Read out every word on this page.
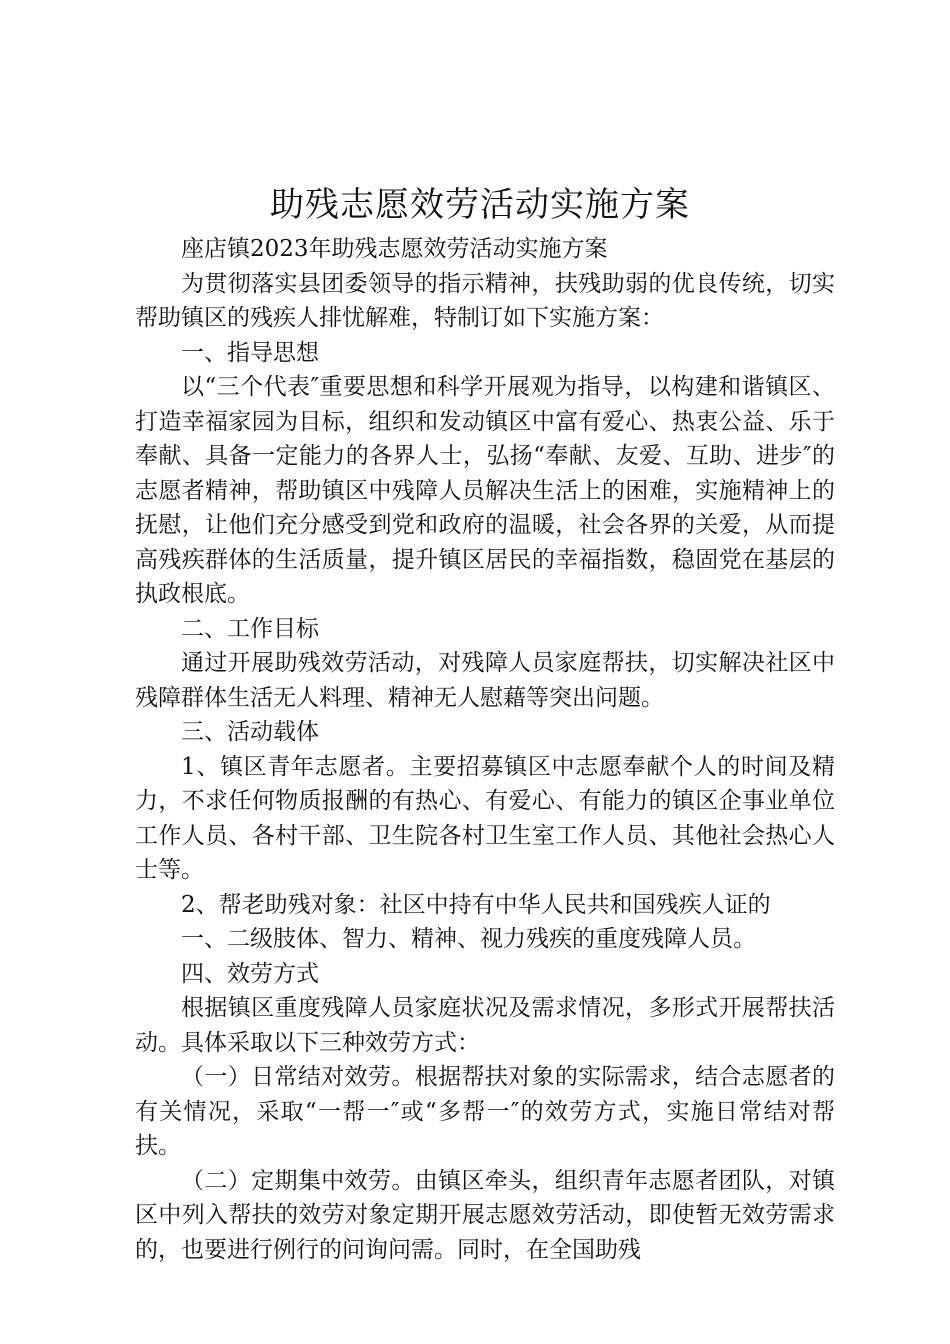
助残志愿效劳活动实施方案

座店镇2023年助残志愿效劳活动实施方案

为贯彻落实县团委领导的指示精神，扶残助弱的优良传统，切实帮助镇区的残疾人排忧解难，特制订如下实施方案：

一、指导思想

以“三个代表″重要思想和科学开展观为指导，以构建和谐镇区、打造幸福家园为目标，组织和发动镇区中富有爱心、热衷公益、乐于奉献、具备一定能力的各界人士，弘扬“奉献、友爱、互助、进步″的志愿者精神，帮助镇区中残障人员解决生活上的困难，实施精神上的抚慰，让他们充分感受到党和政府的温暖，社会各界的关爱，从而提高残疾群体的生活质量，提升镇区居民的幸福指数，稳固党在基层的执政根底。

二、工作目标

通过开展助残效劳活动，对残障人员家庭帮扶，切实解决社区中残障群体生活无人料理、精神无人慰藉等突出问题。

三、活动载体

1、镇区青年志愿者。主要招募镇区中志愿奉献个人的时间及精力，不求任何物质报酬的有热心、有爱心、有能力的镇区企事业单位工作人员、各村干部、卫生院各村卫生室工作人员、其他社会热心人士等。

2、帮老助残对象：社区中持有中华人民共和国残疾人证的

一、二级肢体、智力、精神、视力残疾的重度残障人员。

四、效劳方式

根据镇区重度残障人员家庭状况及需求情况，多形式开展帮扶活动。具体采取以下三种效劳方式：

（一）日常结对效劳。根据帮扶对象的实际需求，结合志愿者的有关情况，采取“一帮一″或“多帮一″的效劳方式，实施日常结对帮扶。

（二）定期集中效劳。由镇区牵头，组织青年志愿者团队，对镇区中列入帮扶的效劳对象定期开展志愿效劳活动，即使暂无效劳需求的，也要进行例行的问询问需。同时，在全国助残
